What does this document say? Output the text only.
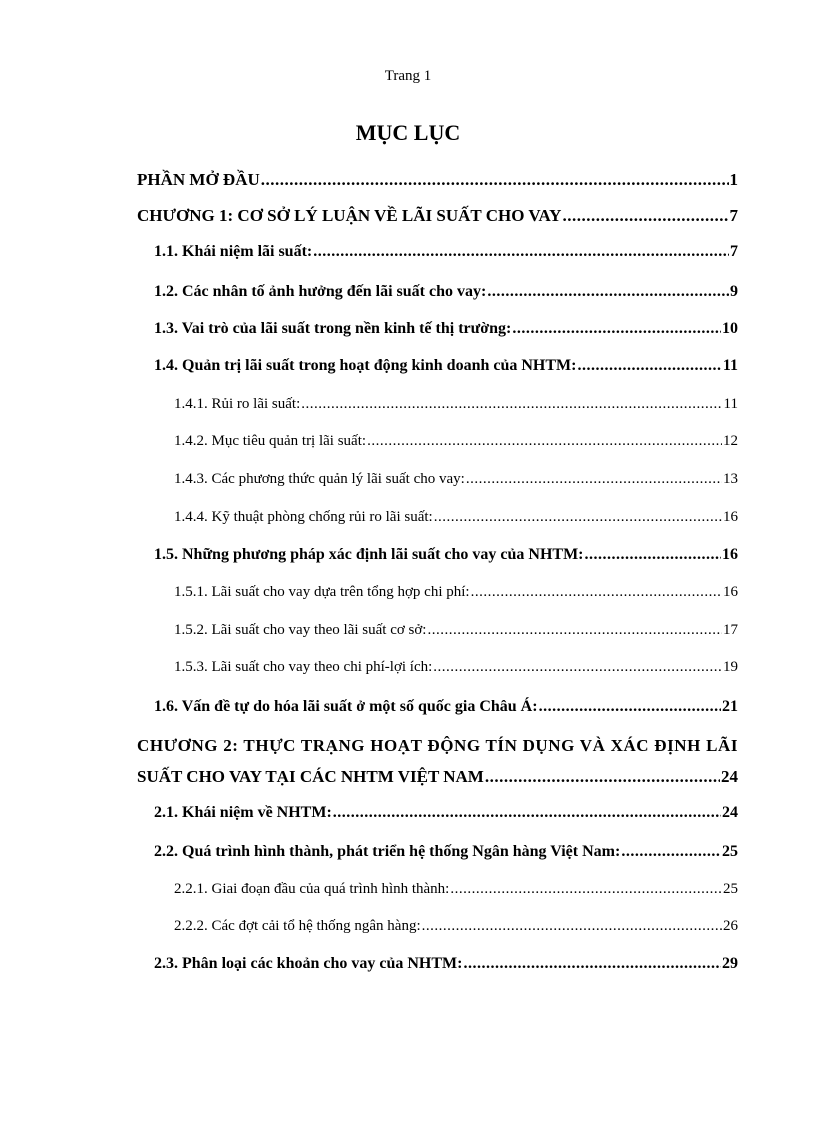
Trang 1
MỤC LỤC
PHẦN MỞ ĐẦU .....	1
CHƯƠNG 1: CƠ SỞ LÝ LUẬN VỀ LÃI SUẤT CHO VAY .....	7
1.1. Khái niệm lãi suất: .....	7
1.2. Các nhân tố ảnh hưởng đến lãi suất cho vay: .....	9
1.3. Vai trò của lãi suất trong nền kinh tế thị trường: .....	10
1.4. Quản trị lãi suất trong hoạt động kinh doanh của NHTM: .....	11
1.4.1. Rủi ro lãi suất: .....	11
1.4.2. Mục tiêu quản trị lãi suất: .....	12
1.4.3. Các phương thức quản lý lãi suất cho vay: .....	13
1.4.4. Kỹ thuật phòng chống rủi ro lãi suất: .....	16
1.5. Những phương pháp xác định lãi suất cho vay của NHTM: .....	16
1.5.1. Lãi suất cho vay dựa trên tổng hợp chi phí: .....	16
1.5.2. Lãi suất cho vay theo lãi suất cơ sở: .....	17
1.5.3. Lãi suất cho vay theo chi phí-lợi ích: .....	19
1.6. Vấn đề tự do hóa lãi suất ở một số quốc gia Châu Á: .....	21
CHƯƠNG 2: THỰC TRẠNG HOẠT ĐỘNG TÍN DỤNG VÀ XÁC ĐỊNH LÃI
SUẤT CHO VAY TẠI CÁC NHTM VIỆT NAM .....	24
2.1. Khái niệm về NHTM: .....	24
2.2. Quá trình hình thành, phát triển hệ thống Ngân hàng Việt Nam: .....	25
2.2.1. Giai đoạn đầu của quá trình hình thành: .....	25
2.2.2. Các đợt cải tổ hệ thống ngân hàng: .....	26
2.3. Phân loại các khoản cho vay của NHTM: .....	29
